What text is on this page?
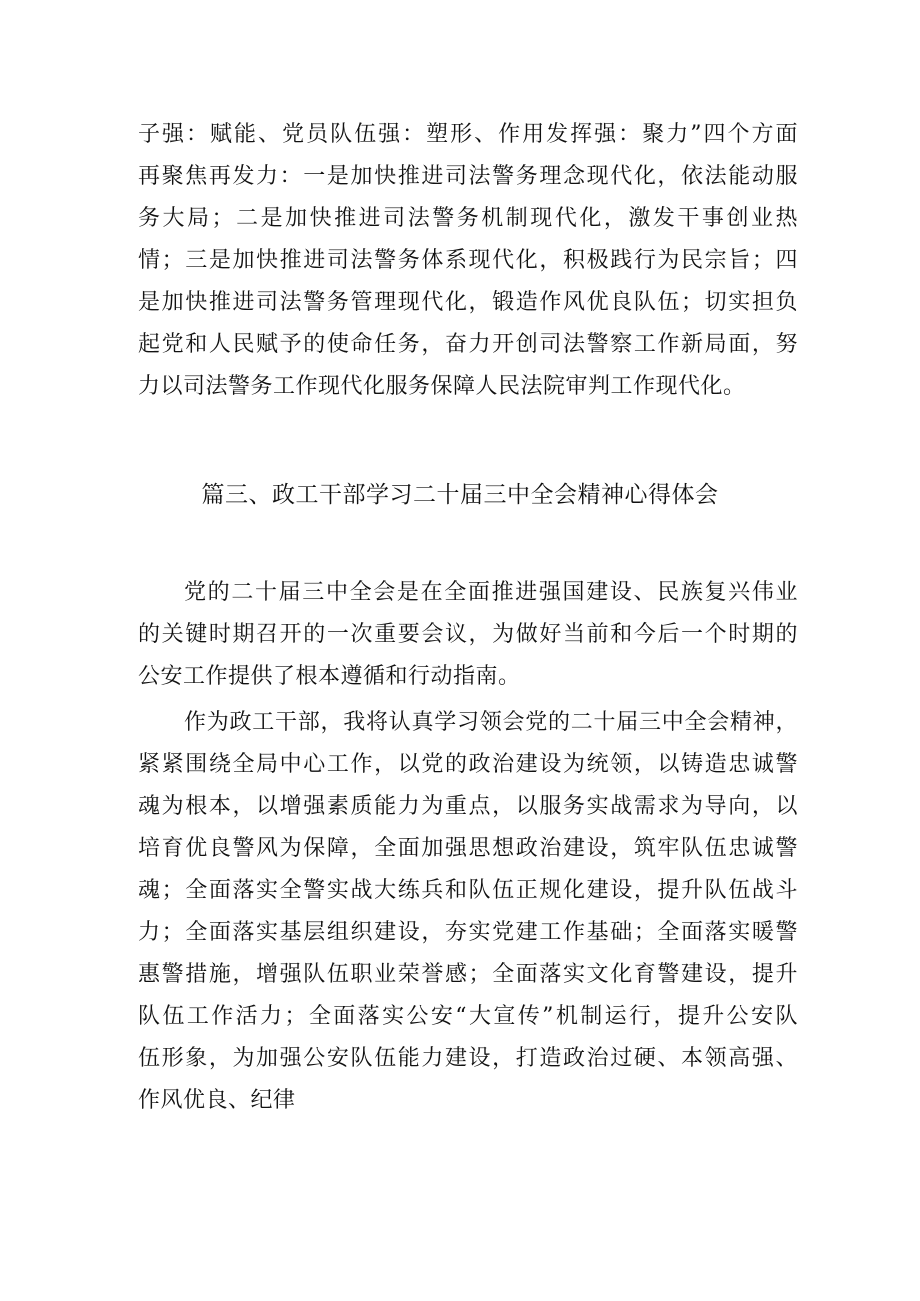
子强：赋能、党员队伍强：塑形、作用发挥强：聚力”四个方面
再聚焦再发力：一是加快推进司法警务理念现代化，依法能动服
务大局；二是加快推进司法警务机制现代化，激发干事创业热
情；三是加快推进司法警务体系现代化，积极践行为民宗旨；四
是加快推进司法警务管理现代化，锻造作风优良队伍；切实担负
起党和人民赋予的使命任务，奋力开创司法警察工作新局面，努
力以司法警务工作现代化服务保障人民法院审判工作现代化。
篇三、政工干部学习二十届三中全会精神心得体会
党的二十届三中全会是在全面推进强国建设、民族复兴伟业
的关键时期召开的一次重要会议，为做好当前和今后一个时期的
公安工作提供了根本遵循和行动指南。
作为政工干部，我将认真学习领会党的二十届三中全会精神，
紧紧围绕全局中心工作，以党的政治建设为统领，以铸造忠诚警
魂为根本，以增强素质能力为重点，以服务实战需求为导向，以
培育优良警风为保障，全面加强思想政治建设，筑牢队伍忠诚警
魂；全面落实全警实战大练兵和队伍正规化建设，提升队伍战斗
力；全面落实基层组织建设，夯实党建工作基础；全面落实暖警
惠警措施，增强队伍职业荣誉感；全面落实文化育警建设，提升
队伍工作活力；全面落实公安“大宣传”机制运行，提升公安队
伍形象，为加强公安队伍能力建设，打造政治过硬、本领高强、
作风优良、纪律
